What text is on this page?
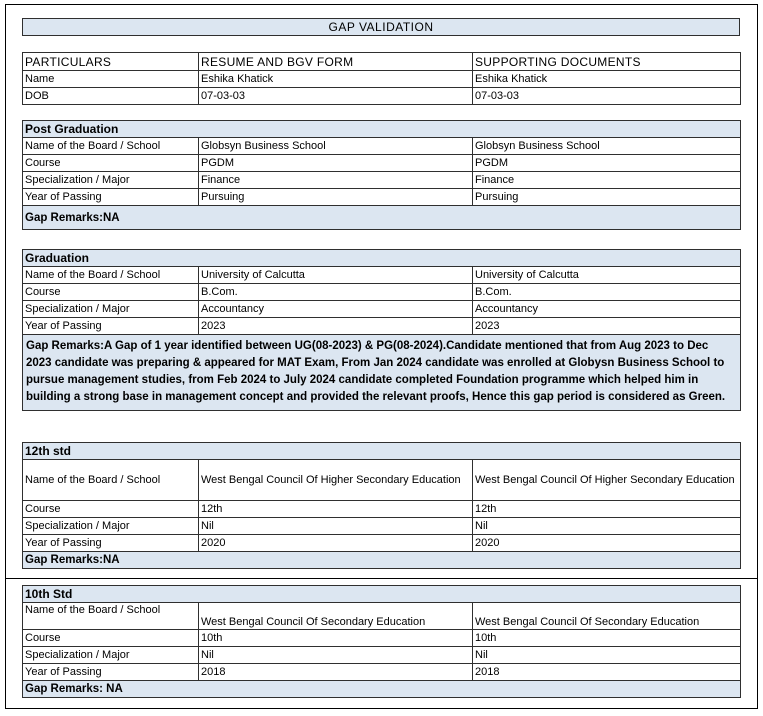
GAP VALIDATION
PARTICULARS	RESUME AND BGV FORM	SUPPORTING DOCUMENTS
Name	Eshika Khatick	Eshika Khatick
DOB	07-03-03	07-03-03
Post Graduation		
Name of the Board / School	Globsyn Business School	Globsyn Business School
Course	PGDM	PGDM
Specialization / Major	Finance	Finance
Year of Passing	Pursuing	Pursuing
Gap Remarks:NA		
Graduation		
Name of the Board / School	University of Calcutta	University of Calcutta
Course	B.Com.	B.Com.
Specialization / Major	Accountancy	Accountancy
Year of Passing	2023	2023
Gap Remarks:A Gap of 1 year identified between UG(08-2023) & PG(08-2024).Candidate mentioned that from Aug 2023 to Dec 2023 candidate was preparing & appeared for MAT Exam, From Jan 2024 candidate was enrolled at Globysn Business School to pursue management studies, from Feb 2024 to July 2024 candidate completed Foundation programme which helped him in building a strong base in management concept and provided the relevant proofs, Hence this gap period is considered as Green.		
12th std		
Name of the Board / School	West Bengal Council Of Higher Secondary Education	West Bengal Council Of Higher Secondary Education
Course	12th	12th
Specialization / Major	Nil	Nil
Year of Passing	2020	2020
Gap Remarks:NA		
10th Std		
Name of the Board / School	West Bengal Council Of Secondary Education	West Bengal Council Of Secondary Education
Course	10th	10th
Specialization / Major	Nil	Nil
Year of Passing	2018	2018
Gap Remarks: NA		
